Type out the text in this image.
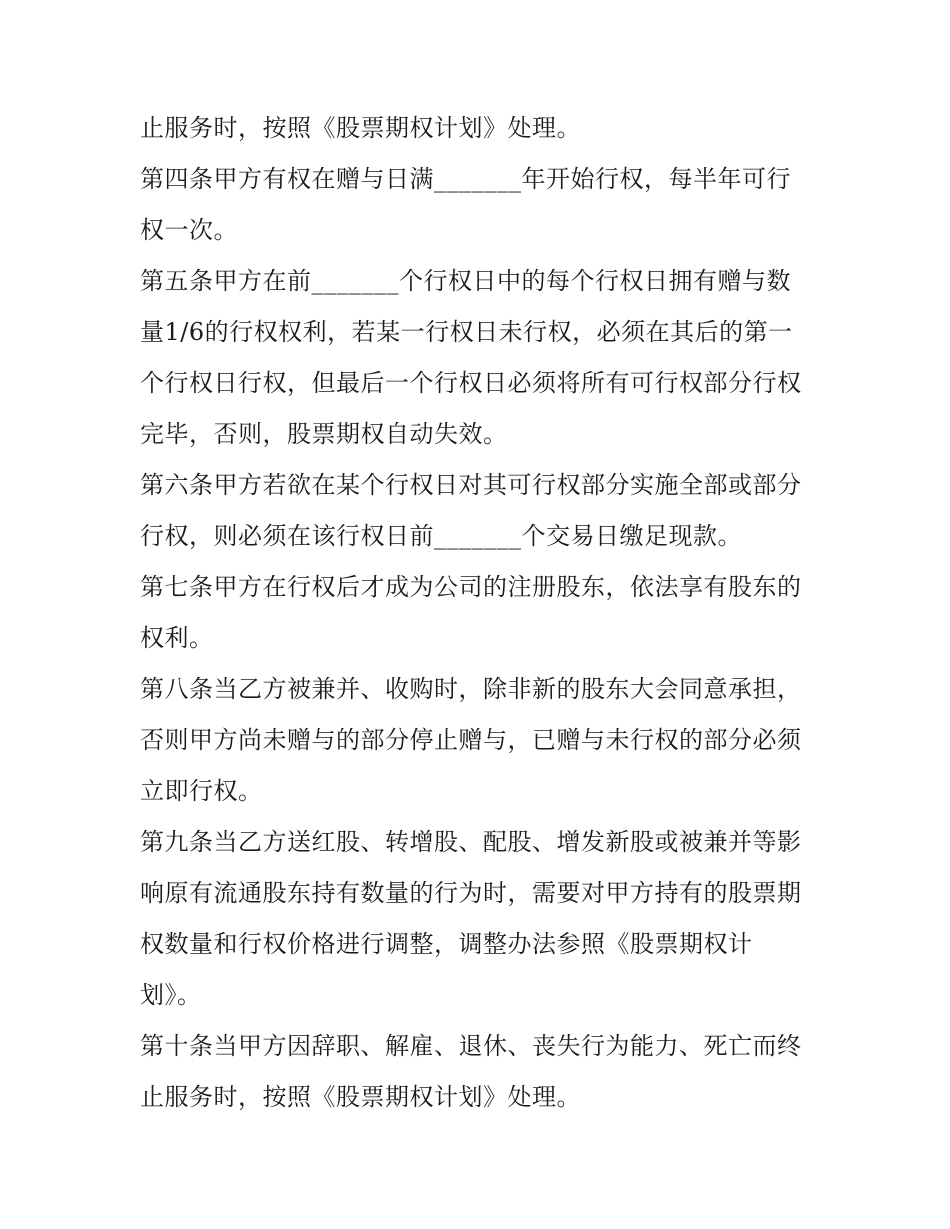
止服务时，按照《股票期权计划》处理。
第四条甲方有权在赠与日满_______年开始行权，每半年可行
权一次。
第五条甲方在前_______个行权日中的每个行权日拥有赠与数
量1/6的行权权利，若某一行权日未行权，必须在其后的第一
个行权日行权，但最后一个行权日必须将所有可行权部分行权
完毕，否则，股票期权自动失效。
第六条甲方若欲在某个行权日对其可行权部分实施全部或部分
行权，则必须在该行权日前_______个交易日缴足现款。
第七条甲方在行权后才成为公司的注册股东，依法享有股东的
权利。
第八条当乙方被兼并、收购时，除非新的股东大会同意承担，
否则甲方尚未赠与的部分停止赠与，已赠与未行权的部分必须
立即行权。
第九条当乙方送红股、转增股、配股、增发新股或被兼并等影
响原有流通股东持有数量的行为时，需要对甲方持有的股票期
权数量和行权价格进行调整，调整办法参照《股票期权计
划》。
第十条当甲方因辞职、解雇、退休、丧失行为能力、死亡而终
止服务时，按照《股票期权计划》处理。
